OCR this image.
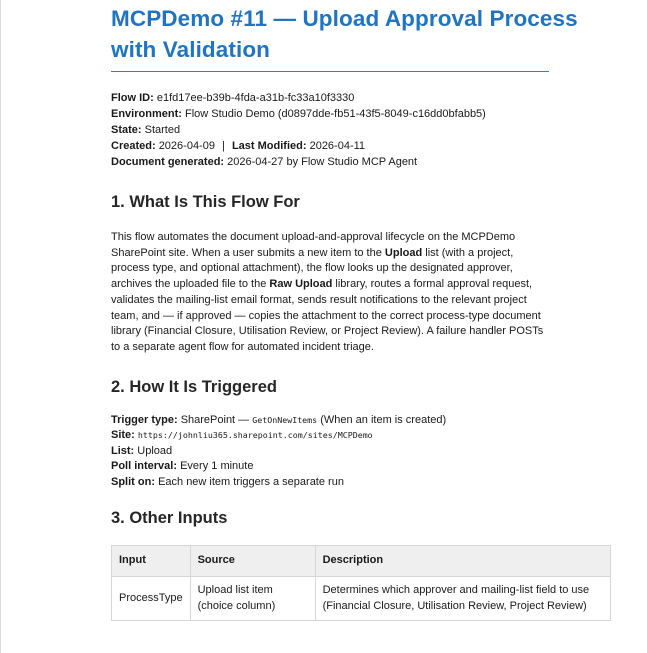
MCPDemo #11 — Upload Approval Process with Validation
Flow ID: e1fd17ee-b39b-4fda-a31b-fc33a10f3330
Environment: Flow Studio Demo (d0897dde-fb51-43f5-8049-c16dd0bfabb5)
State: Started
Created: 2026-04-09 | Last Modified: 2026-04-11
Document generated: 2026-04-27 by Flow Studio MCP Agent
1. What Is This Flow For
This flow automates the document upload-and-approval lifecycle on the MCPDemo SharePoint site. When a user submits a new item to the Upload list (with a project, process type, and optional attachment), the flow looks up the designated approver, archives the uploaded file to the Raw Upload library, routes a formal approval request, validates the mailing-list email format, sends result notifications to the relevant project team, and — if approved — copies the attachment to the correct process-type document library (Financial Closure, Utilisation Review, or Project Review). A failure handler POSTs to a separate agent flow for automated incident triage.
2. How It Is Triggered
Trigger type: SharePoint — GetOnNewItems (When an item is created)
Site: https://johnliu365.sharepoint.com/sites/MCPDemo
List: Upload
Poll interval: Every 1 minute
Split on: Each new item triggers a separate run
3. Other Inputs
Input	Source	Description
ProcessType	Upload list item (choice column)	Determines which approver and mailing-list field to use (Financial Closure, Utilisation Review, Project Review)
